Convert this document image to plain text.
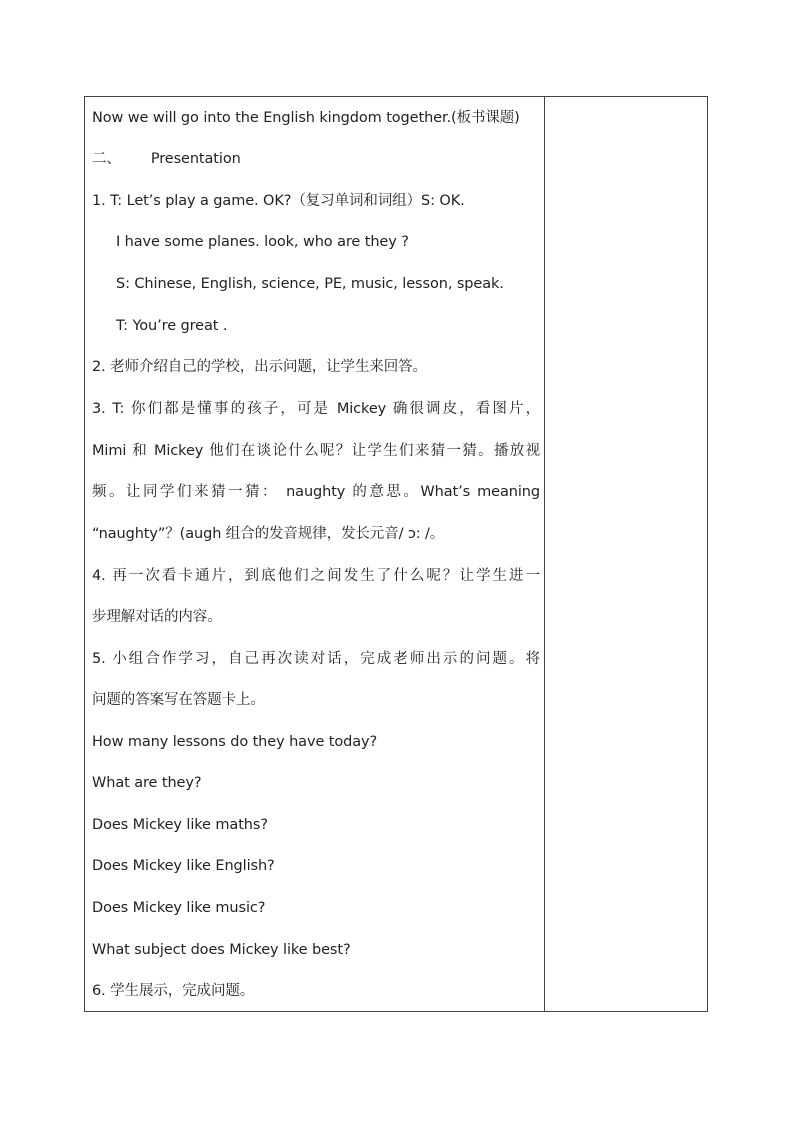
Now we will go into the English kingdom together.(板书课题)
二、 Presentation
1. T: Let’s play a game. OK?（复习单词和词组）S: OK.
I have some planes. look, who are they ?
S: Chinese, English, science, PE, music, lesson, speak.
T: You’re great .
2. 老师介绍自己的学校，出示问题，让学生来回答。
3. T: 你们都是懂事的孩子，可是 Mickey 确很调皮，看图片，
Mimi 和 Mickey 他们在谈论什么呢？让学生们来猜一猜。播放视
频。让同学们来猜一猜： naughty 的意思。What’s meaning
“naughty”？(augh 组合的发音规律，发长元音/ ɔ: /。
4. 再一次看卡通片，到底他们之间发生了什么呢？让学生进一
步理解对话的内容。
5. 小组合作学习，自己再次读对话，完成老师出示的问题。将
问题的答案写在答题卡上。
How many lessons do they have today?
What are they?
Does Mickey like maths?
Does Mickey like English?
Does Mickey like music?
What subject does Mickey like best?
6. 学生展示，完成问题。
